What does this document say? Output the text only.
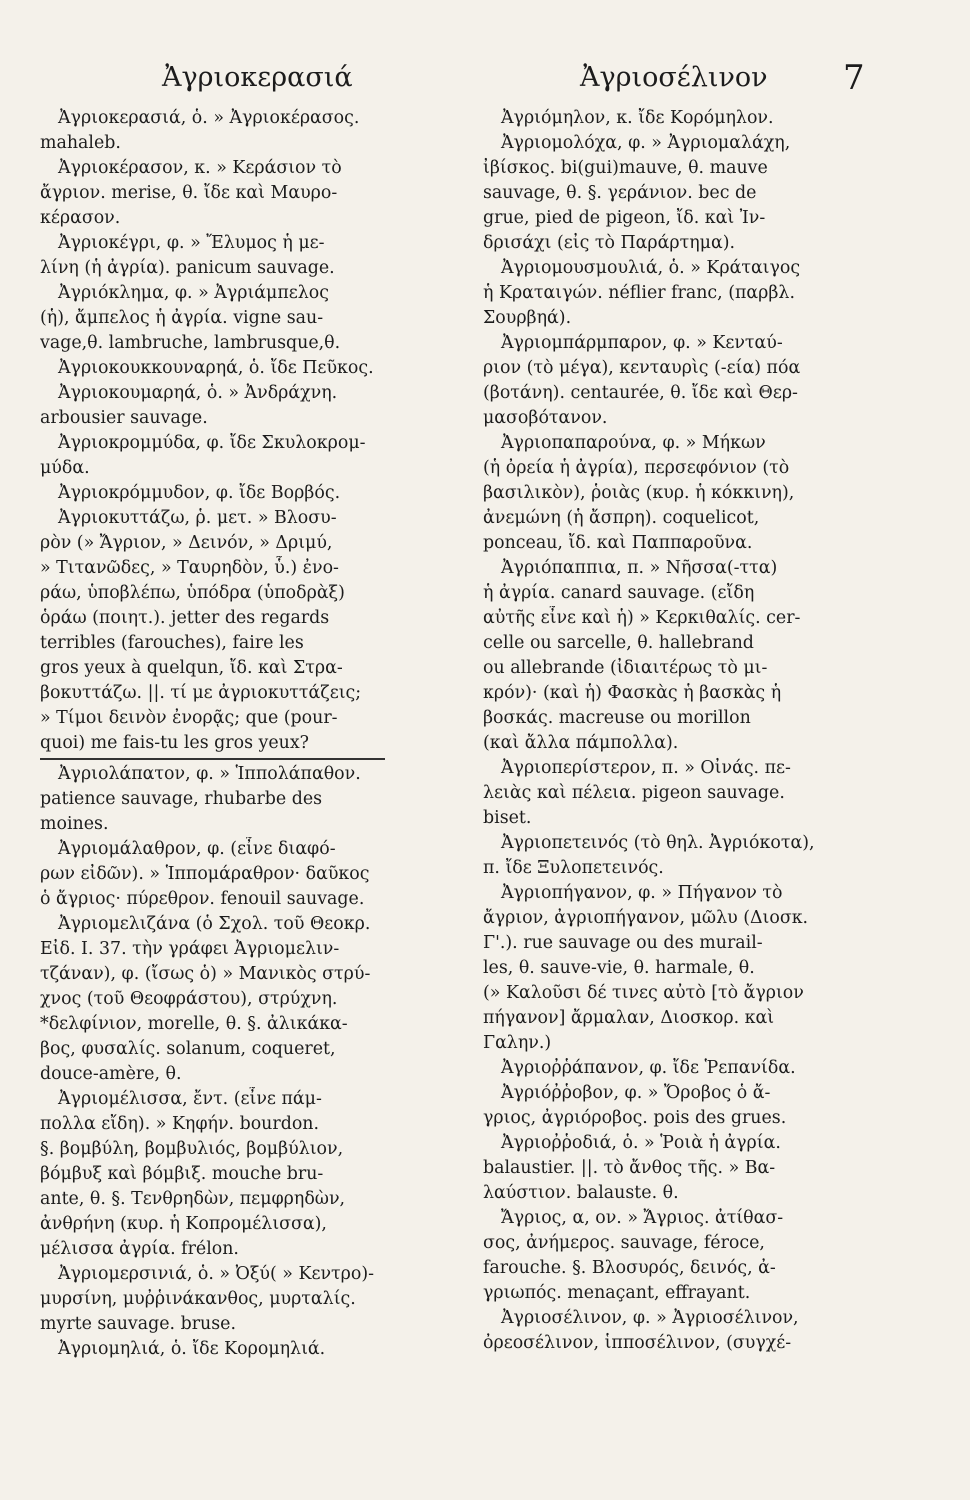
Ἀγριοκερασιά	Ἀγριοσέλινον 7
Ἀγριοκερασιά, ὁ. » Ἀγριοκέρασος.
mahaleb.
Ἀγριοκέρασον, κ. » Κεράσιον τὸ
ἄγριον. merise, θ. ἴδε καὶ Μαυρο-
κέρασον.
Ἀγριοκέγρι, φ. » Ἔλυμος ἡ με-
λίνη (ἡ ἀγρία). panicum sauvage.
Ἀγριόκλημα, φ. » Ἀγριάμπελος
(ἡ), ἄμπελος ἡ ἀγρία. vigne sau-
vage,θ. lambruche, lambrusque,θ.
Ἀγριοκουκκουναρηά, ὁ. ἴδε Πεῦκος.
Ἀγριοκουμαρηά, ὁ. » Ἀνδράχνη.
arbousier sauvage.
Ἀγριοκρομμύδα, φ. ἴδε Σκυλοκρομ-
μύδα.
Ἀγριοκρόμμυδον, φ. ἴδε Βορβός.
Ἀγριοκυττάζω, ῥ. μετ. » Βλοσυ-
ρὸν (» Ἄγριον, » Δεινόν, » Δριμύ,
» Τιτανῶδες, » Ταυρηδὸν, ὗ.) ἐνο-
ράω, ὑποβλέπω, ὑπόδρα (ὑποδρὰξ)
ὁράω (ποιητ.). jetter des regards
terribles (farouches), faire les
gros yeux à quelqun, ἴδ. καὶ Στρα-
βοκυττάζω. ||. τί με ἀγριοκυττάζεις;
» Τίμοι δεινὸν ἐνορᾷς; que (pour-
quoi) me fais-tu les gros yeux?
Ἀγριολάπατον, φ. » Ἱππολάπαθον.
patience sauvage, rhubarbe des
moines.
Ἀγριομάλαθρον, φ. (εἶνε διαφό-
ρων εἰδῶν). » Ἱππομάραθρον· δαῦκος
ὁ ἄγριος· πύρεθρον. fenouil sauvage.
Ἀγριομελιζάνα (ὁ Σχολ. τοῦ Θεοκρ.
Εἰδ. I. 37. τὴν γράφει Ἀγριομελιν-
τζάναν), φ. (ἴσως ὁ) » Μανικὸς στρύ-
χνος (τοῦ Θεοφράστου), στρύχνη.
*δελφίνιον, morelle, θ. §. ἀλικάκα-
βος, φυσαλίς. solanum, coqueret,
douce-amère, θ.
Ἀγριομέλισσα, ἔντ. (εἶνε πάμ-
πολλα εἴδη). » Κηφήν. bourdon.
§. βομβύλη, βομβυλιός, βομβύλιον,
βόμβυξ καὶ βόμβιξ. mouche bru-
ante, θ. §. Τενθρηδὼν, πεμφρηδὼν,
ἀνθρήνη (κυρ. ἡ Κοπρομέλισσα),
μέλισσα ἀγρία. frélon.
Ἀγριομερσινιά, ὁ. » Ὀξύ( » Κεντρο)-
μυρσίνη, μυῤῥινάκανθος, μυρταλίς.
myrte sauvage. bruse.
Ἀγριομηλιά, ὁ. ἴδε Κορομηλιά.
Ἀγριόμηλον, κ. ἴδε Κορόμηλον.
Ἀγριομολόχα, φ. » Ἀγριομαλάχη,
ἰβίσκος. bi(gui)mauve, θ. mauve
sauvage, θ. §. γεράνιον. bec de
grue, pied de pigeon, ἴδ. καὶ Ἰν-
δρισάχι (εἰς τὸ Παράρτημα).
Ἀγριομουσμουλιά, ὁ. » Κράταιγος
ἡ Κραταιγών. néflier franc, (παρβλ.
Σουρβηά).
Ἀγριομπάρμπαρον, φ. » Κενταύ-
ριον (τὸ μέγα), κενταυρὶς (-εία) πόα
(βοτάνη). centaurée, θ. ἴδε καὶ Θερ-
μασοβότανον.
Ἀγριοπαπαρούνα, φ. » Μήκων
(ἡ ὀρεία ἡ ἀγρία), περσεφόνιον (τὸ
βασιλικὸν), ῥοιὰς (κυρ. ἡ κόκκινη),
ἀνεμώνη (ἡ ἄσπρη). coquelicot,
ponceau, ἴδ. καὶ Παππαροῦνα.
Ἀγριόπαππια, π. » Νῆσσα(-ττα)
ἡ ἀγρία. canard sauvage. (εἴδη
αὐτῆς εἶνε καὶ ἡ) » Κερκιθαλίς. cer-
celle ou sarcelle, θ. hallebrand
ou allebrande (ἰδιαιτέρως τὸ μι-
κρόν)· (καὶ ἡ) Φασκὰς ἡ βασκὰς ἡ
βοσκάς. macreuse ou morillon
(καὶ ἄλλα πάμπολλα).
Ἀγριοπερίστερον, π. » Οἰνάς. πε-
λειὰς καὶ πέλεια. pigeon sauvage.
biset.
Ἀγριοπετεινός (τὸ θηλ. Ἀγριόκοτα),
π. ἴδε Ξυλοπετεινός.
Ἀγριοπήγανον, φ. » Πήγανον τὸ
ἄγριον, ἀγριοπήγανον, μῶλυ (Διοσκ.
Γ'.). rue sauvage ou des murail-
les, θ. sauve-vie, θ. harmale, θ.
(» Καλοῦσι δέ τινες αὐτὸ [τὸ ἄγριον
πήγανον] ἄρμαλαν, Διοσκορ. καὶ
Γαλην.)
Ἀγριοῤῥάπανον, φ. ἴδε Ῥεπανίδα.
Ἀγριόῤῥοβον, φ. » Ὄροβος ὁ ἄ-
γριος, ἀγριόροβος. pois des grues.
Ἀγριοῤῥοδιά, ὁ. » Ῥοιὰ ἡ ἀγρία.
balaustier. ||. τὸ ἄνθος τῆς. » Βα-
λαύστιον. balauste. θ.
Ἄγριος, α, ον. » Ἄγριος. ἀτίθασ-
σος, ἀνήμερος. sauvage, féroce,
farouche. §. Βλοσυρός, δεινός, ἀ-
γριωπός. menaçant, effrayant.
Ἀγριοσέλινον, φ. » Ἀγριοσέλινον,
ὀρεοσέλινον, ἱπποσέλινον, (συγχέ-
